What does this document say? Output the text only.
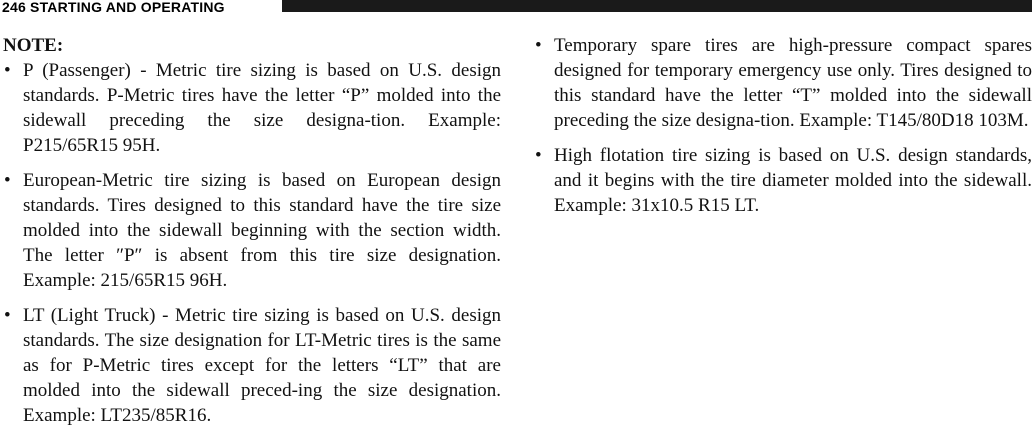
246 STARTING AND OPERATING
NOTE:
• P (Passenger) - Metric tire sizing is based on U.S. design standards. P-Metric tires have the letter “P” molded into the sidewall preceding the size designa-tion. Example: P215/65R15 95H.
• European-Metric tire sizing is based on European design standards. Tires designed to this standard have the tire size molded into the sidewall beginning with the section width. The letter ″P″ is absent from this tire size designation. Example: 215/65R15 96H.
• LT (Light Truck) - Metric tire sizing is based on U.S. design standards. The size designation for LT-Metric tires is the same as for P-Metric tires except for the letters “LT” that are molded into the sidewall preced-ing the size designation. Example: LT235/85R16.
• Temporary spare tires are high-pressure compact spares designed for temporary emergency use only. Tires designed to this standard have the letter “T” molded into the sidewall preceding the size designa-tion. Example: T145/80D18 103M.
• High flotation tire sizing is based on U.S. design standards, and it begins with the tire diameter molded into the sidewall. Example: 31x10.5 R15 LT.
